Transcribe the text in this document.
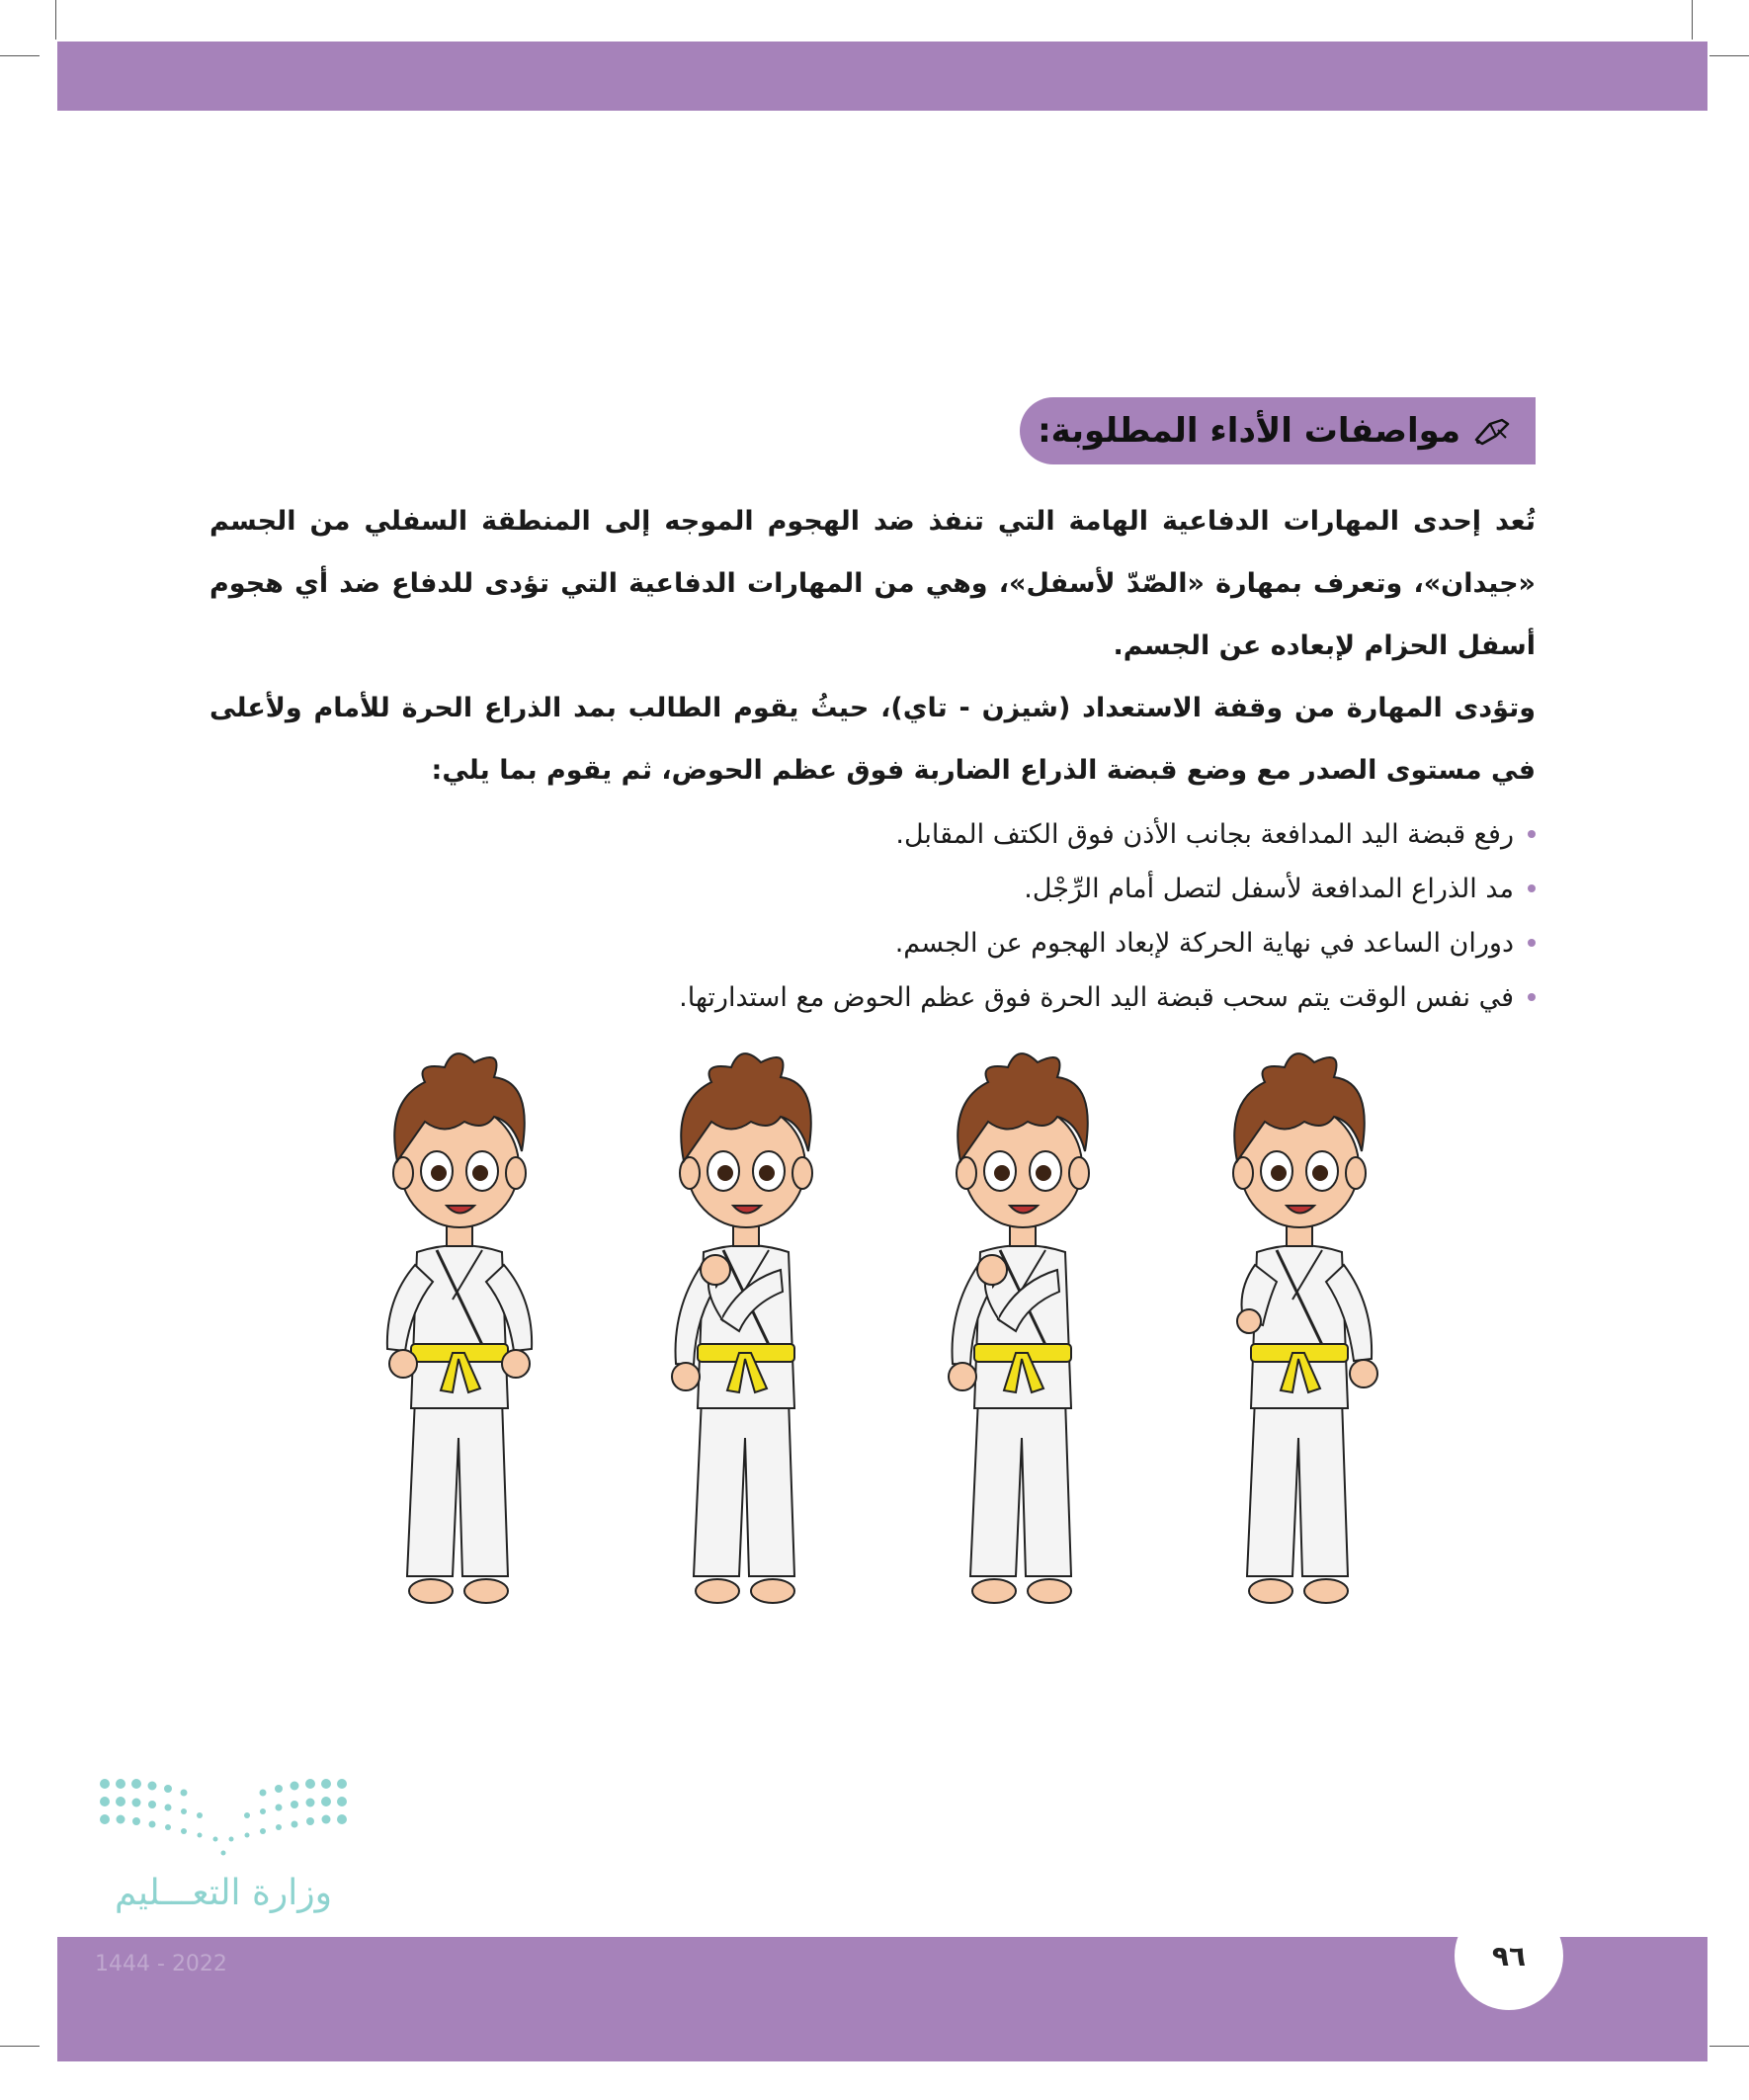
مواصفات الأداء المطلوبة:

تُعد إحدى المهارات الدفاعية الهامة التي تنفذ ضد الهجوم الموجه إلى المنطقة السفلي من الجسم «جيدان»، وتعرف بمهارة «الصّدّ لأسفل»، وهي من المهارات الدفاعية التي تؤدى للدفاع ضد أي هجوم أسفل الحزام لإبعاده عن الجسم.

وتؤدى المهارة من وقفة الاستعداد (شيزن - تاي)، حيثُ يقوم الطالب بمد الذراع الحرة للأمام ولأعلى في مستوى الصدر مع وضع قبضة الذراع الضاربة فوق عظم الحوض، ثم يقوم بما يلي:

رفع قبضة اليد المدافعة بجانب الأذن فوق الكتف المقابل.
مد الذراع المدافعة لأسفل لتصل أمام الرِّجْل.
دوران الساعد في نهاية الحركة لإبعاد الهجوم عن الجسم.
في نفس الوقت يتم سحب قبضة اليد الحرة فوق عظم الحوض مع استدارتها.
وزارة التعـــليم
2022 - 1444	٩٦
